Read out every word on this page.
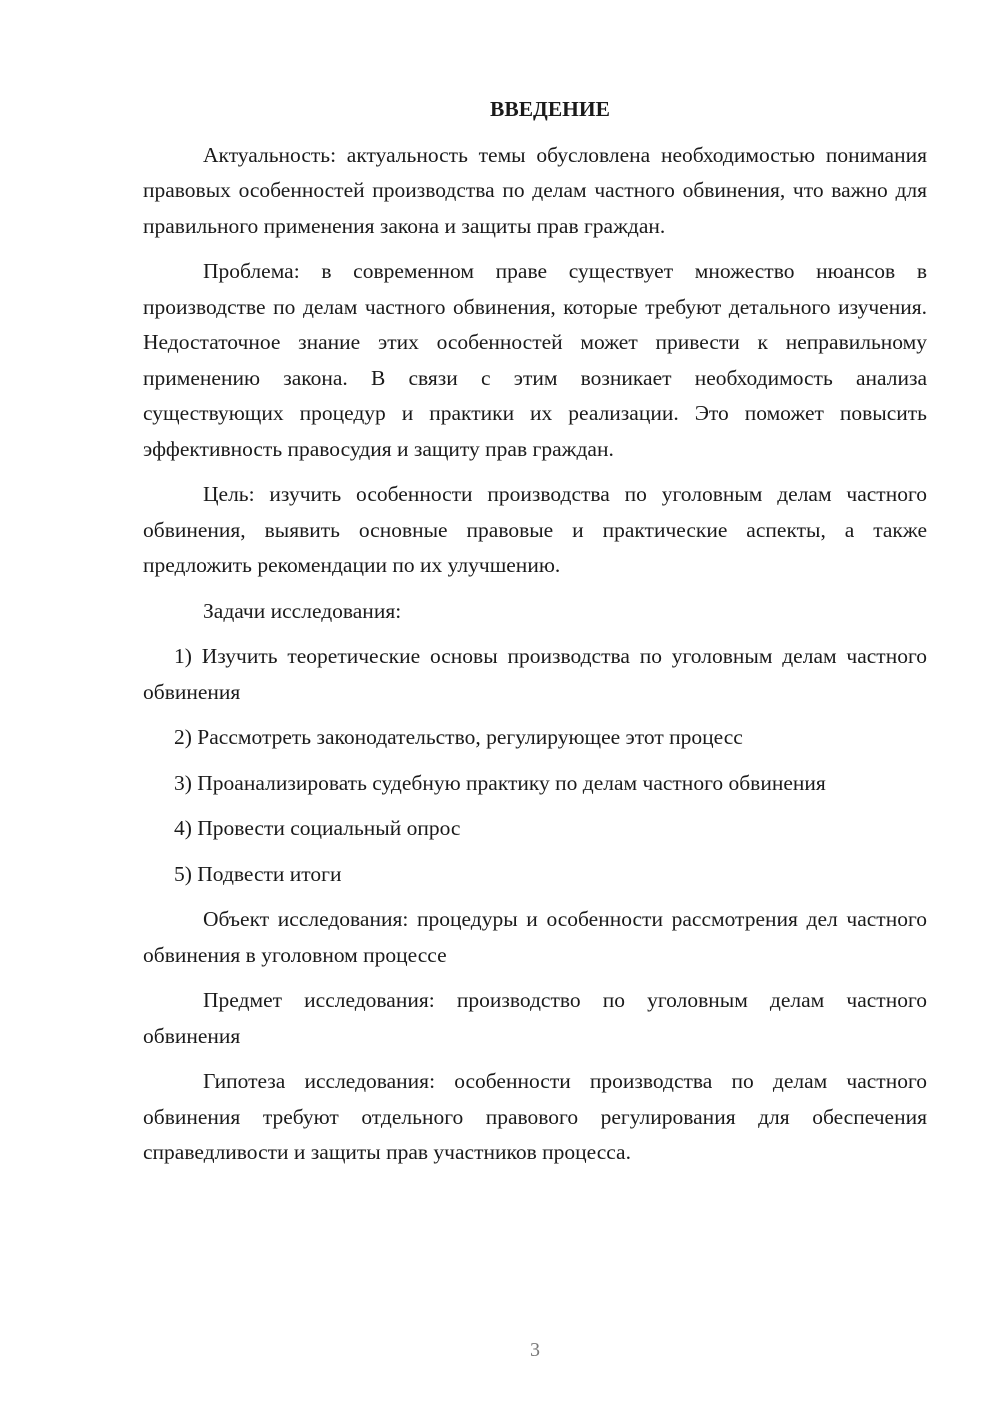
ВВЕДЕНИЕ

Актуальность: актуальность темы обусловлена необходимостью понимания правовых особенностей производства по делам частного обвинения, что важно для правильного применения закона и защиты прав граждан.

Проблема: в современном праве существует множество нюансов в производстве по делам частного обвинения, которые требуют детального изучения. Недостаточное знание этих особенностей может привести к неправильному применению закона. В связи с этим возникает необходимость анализа существующих процедур и практики их реализации. Это поможет повысить эффективность правосудия и защиту прав граждан.

Цель: изучить особенности производства по уголовным делам частного обвинения, выявить основные правовые и практические аспекты, а также предложить рекомендации по их улучшению.

Задачи исследования:

1) Изучить теоретические основы производства по уголовным делам частного обвинения

2) Рассмотреть законодательство, регулирующее этот процесс

3) Проанализировать судебную практику по делам частного обвинения

4) Провести социальный опрос

5) Подвести итоги

Объект исследования: процедуры и особенности рассмотрения дел частного обвинения в уголовном процессе

Предмет исследования: производство по уголовным делам частного обвинения

Гипотеза исследования: особенности производства по делам частного обвинения требуют отдельного правового регулирования для обеспечения справедливости и защиты прав участников процесса.

3
